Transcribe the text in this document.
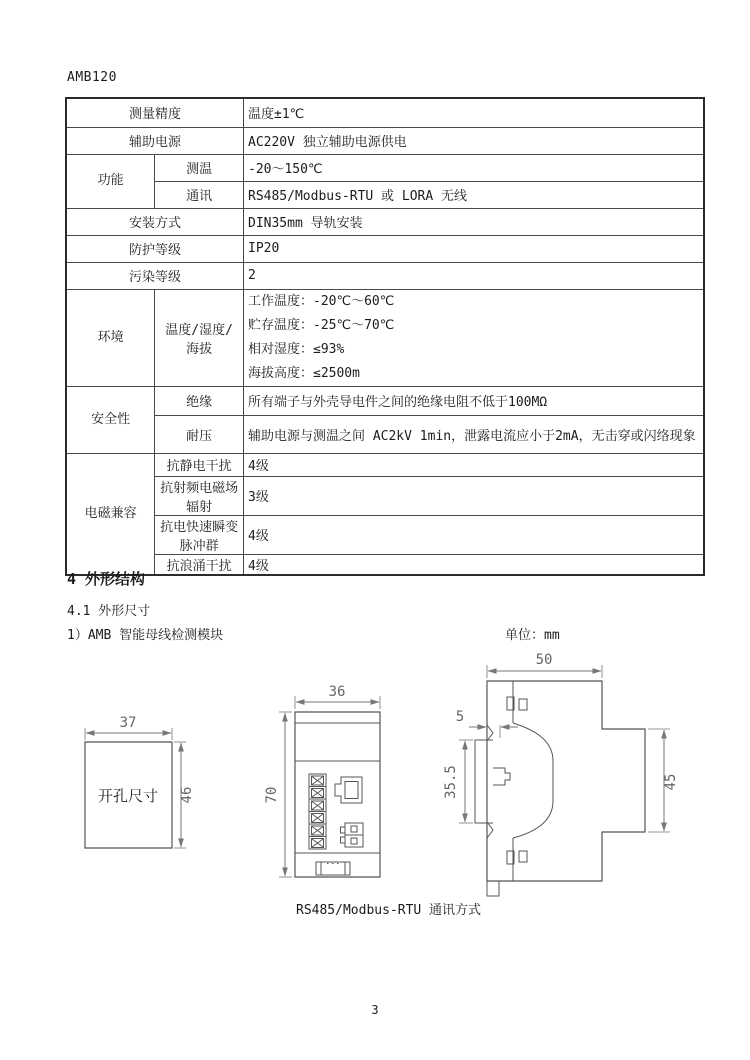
AMB120
测量精度		温度±1℃
辅助电源		AC220V 独立辅助电源供电
功能	测温	-20～150℃
	通讯	RS485/Modbus-RTU 或 LORA 无线
安装方式		DIN35mm 导轨安装
防护等级		IP20
污染等级		2
环境	温度/湿度/海拔	工作温度：-20℃～60℃
贮存温度：-25℃～70℃
相对湿度：≤93%
海拔高度：≤2500m

安全性	绝缘	所有端子与外壳导电件之间的绝缘电阻不低于100MΩ
	耐压	辅助电源与测温之间 AC2kV 1min，泄露电流应小于2mA，无击穿或闪络现象
电磁兼容	抗静电干扰	4级
	抗射频电磁场辐射	3级
	抗电快速瞬变脉冲群	4级
	抗浪涌干扰	4级
4 外形结构
4.1 外形尺寸
1）AMB 智能母线检测模块	单位：mm
开孔尺寸
37
46
36
70
50
5
35.5	45
RS485/Modbus-RTU 通讯方式
3
